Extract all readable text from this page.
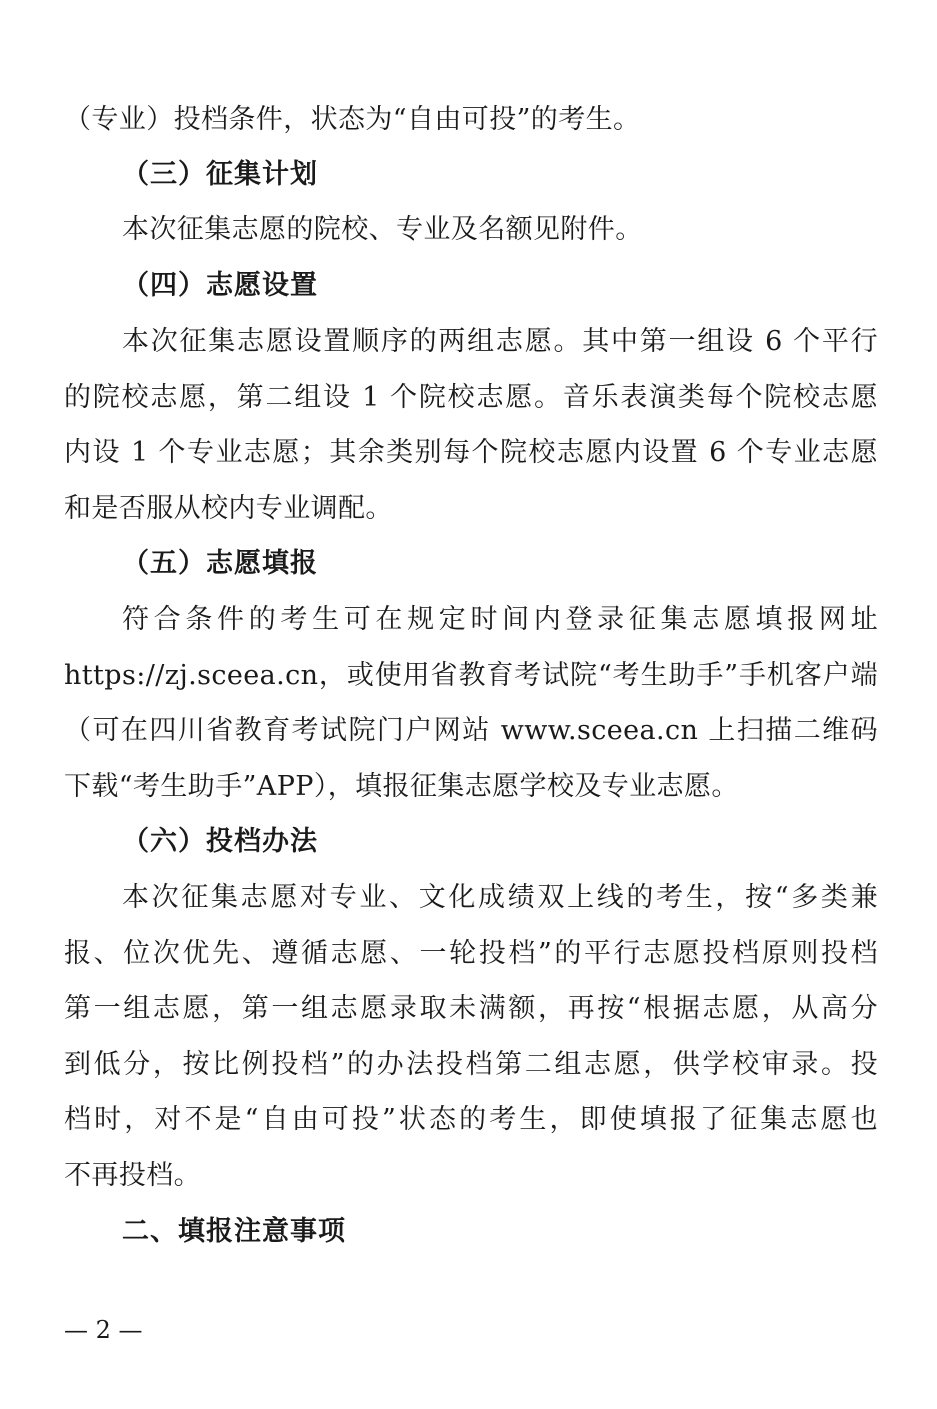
（专业）投档条件，状态为“自由可投”的考生。
（三）征集计划
本次征集志愿的院校、专业及名额见附件。
（四）志愿设置
本次征集志愿设置顺序的两组志愿。其中第一组设 6 个平行
的院校志愿，第二组设 1 个院校志愿。音乐表演类每个院校志愿
内设 1 个专业志愿；其余类别每个院校志愿内设置 6 个专业志愿
和是否服从校内专业调配。
（五）志愿填报
符合条件的考生可在规定时间内登录征集志愿填报网址
https://zj.sceea.cn，或使用省教育考试院“考生助手”手机客户端
（可在四川省教育考试院门户网站 www.sceea.cn 上扫描二维码
下载“考生助手”APP），填报征集志愿学校及专业志愿。
（六）投档办法
本次征集志愿对专业、文化成绩双上线的考生，按“多类兼
报、位次优先、遵循志愿、一轮投档”的平行志愿投档原则投档
第一组志愿，第一组志愿录取未满额，再按“根据志愿，从高分
到低分，按比例投档”的办法投档第二组志愿，供学校审录。投
档时，对不是“自由可投”状态的考生，即使填报了征集志愿也
不再投档。
二、填报注意事项
— 2 —
